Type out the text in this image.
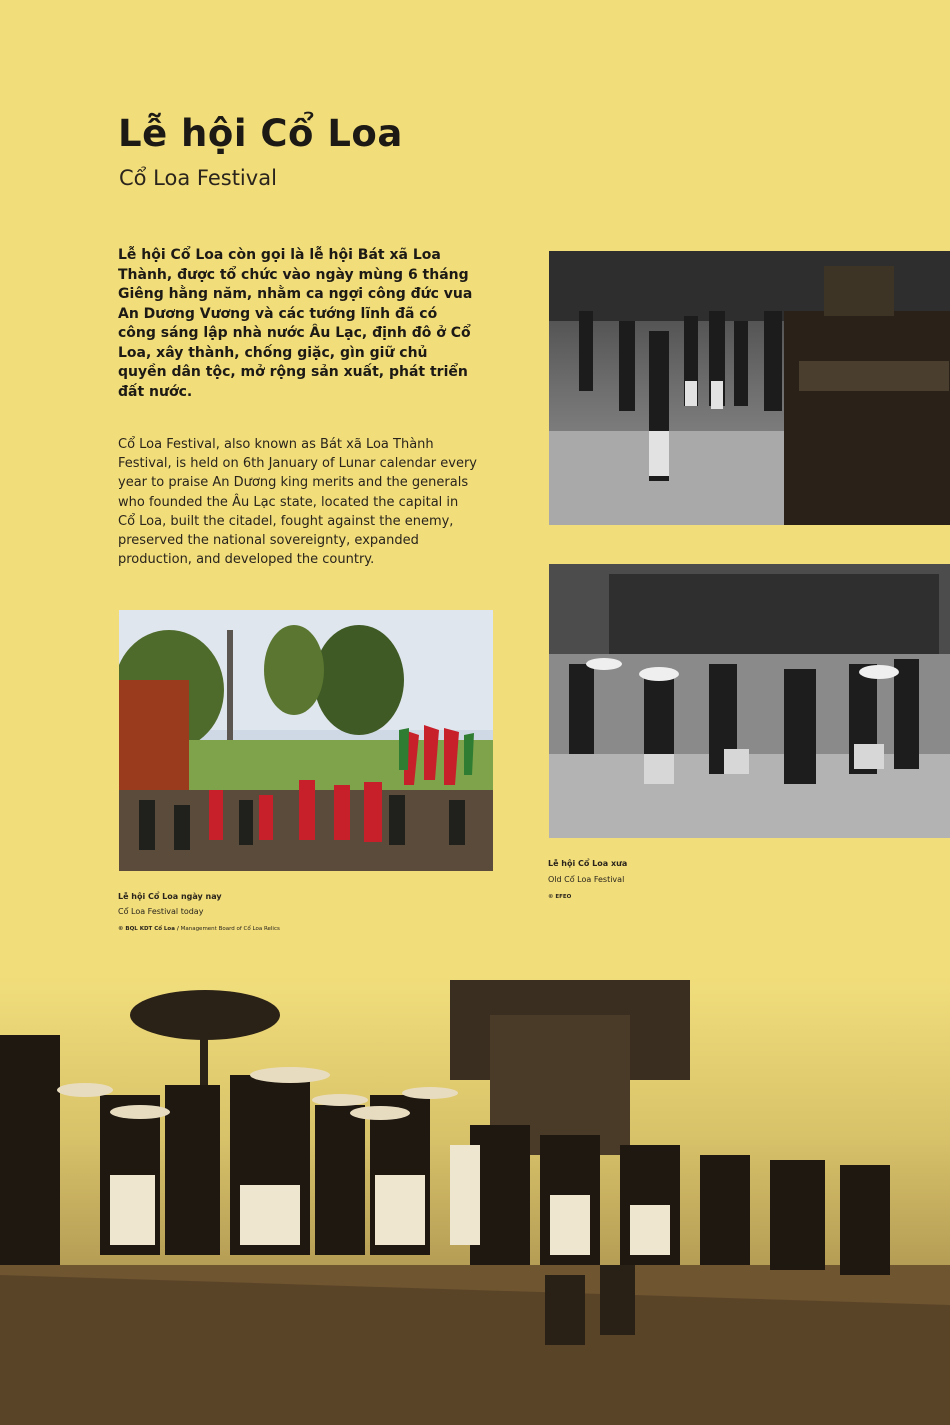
Lễ hội Cổ Loa

Cổ Loa Festival

Lễ hội Cổ Loa còn gọi là lễ hội Bát xã Loa Thành, được tổ chức vào ngày mùng 6 tháng Giêng hằng năm, nhằm ca ngợi công đức vua An Dương Vương và các tướng lĩnh đã có công sáng lập nhà nước Âu Lạc, định đô ở Cổ Loa, xây thành, chống giặc, gìn giữ chủ quyền dân tộc, mở rộng sản xuất, phát triển đất nước.

Cổ Loa Festival, also known as Bát xã Loa Thành Festival, is held on 6th January of Lunar calendar every year to praise An Dương king merits and the generals who founded the Âu Lạc state, located the capital in Cổ Loa, built the citadel, fought against the enemy, preserved the national sovereignty, expanded production, and developed the country.

Lễ hội Cổ Loa ngày nay

Cổ Loa Festival today

© BQL KDT Cổ Loa / Management Board of Cổ Loa Relics

Lễ hội Cổ Loa xưa

Old Cổ Loa Festival

© EFEO
